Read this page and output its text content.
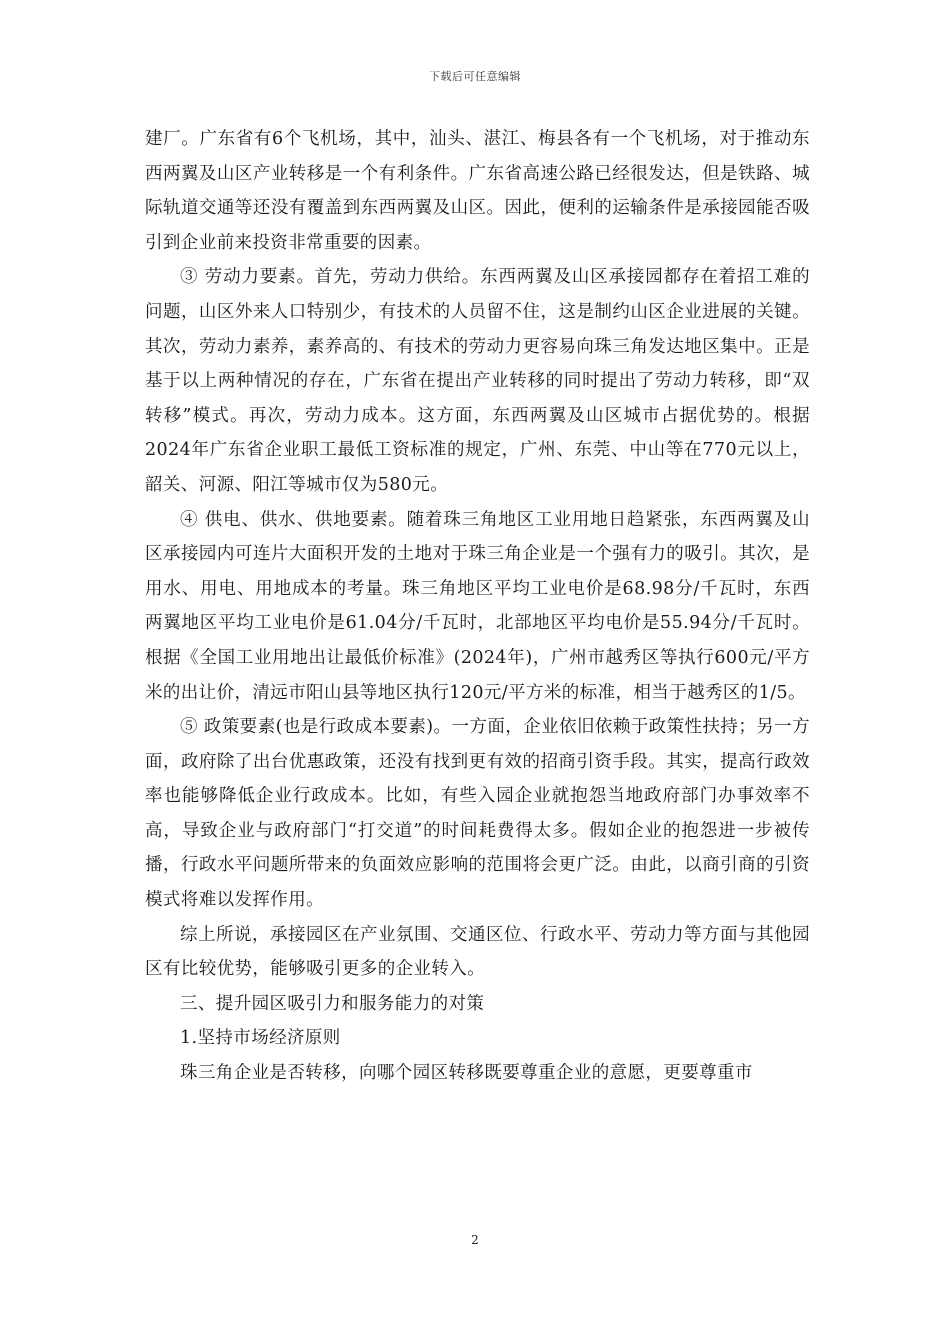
下载后可任意编辑

建厂。广东省有6个飞机场，其中，汕头、湛江、梅县各有一个飞机场，对于推动东西两翼及山区产业转移是一个有利条件。广东省高速公路已经很发达，但是铁路、城际轨道交通等还没有覆盖到东西两翼及山区。因此，便利的运输条件是承接园能否吸引到企业前来投资非常重要的因素。

③ 劳动力要素。首先，劳动力供给。东西两翼及山区承接园都存在着招工难的问题，山区外来人口特别少，有技术的人员留不住，这是制约山区企业进展的关键。其次，劳动力素养，素养高的、有技术的劳动力更容易向珠三角发达地区集中。正是基于以上两种情况的存在，广东省在提出产业转移的同时提出了劳动力转移，即“双转移”模式。再次，劳动力成本。这方面，东西两翼及山区城市占据优势的。根据2024年广东省企业职工最低工资标准的规定，广州、东莞、中山等在770元以上，韶关、河源、阳江等城市仅为580元。

④ 供电、供水、供地要素。随着珠三角地区工业用地日趋紧张，东西两翼及山区承接园内可连片大面积开发的土地对于珠三角企业是一个强有力的吸引。其次，是用水、用电、用地成本的考量。珠三角地区平均工业电价是68.98分/千瓦时，东西两翼地区平均工业电价是61.04分/千瓦时，北部地区平均电价是55.94分/千瓦时。根据《全国工业用地出让最低价标准》(2024年)，广州市越秀区等执行600元/平方米的出让价，清远市阳山县等地区执行120元/平方米的标准，相当于越秀区的1/5。

⑤ 政策要素(也是行政成本要素)。一方面，企业依旧依赖于政策性扶持；另一方面，政府除了出台优惠政策，还没有找到更有效的招商引资手段。其实，提高行政效率也能够降低企业行政成本。比如，有些入园企业就抱怨当地政府部门办事效率不高，导致企业与政府部门“打交道”的时间耗费得太多。假如企业的抱怨进一步被传播，行政水平问题所带来的负面效应影响的范围将会更广泛。由此，以商引商的引资模式将难以发挥作用。

综上所说，承接园区在产业氛围、交通区位、行政水平、劳动力等方面与其他园区有比较优势，能够吸引更多的企业转入。

三、提升园区吸引力和服务能力的对策

1.坚持市场经济原则

珠三角企业是否转移，向哪个园区转移既要尊重企业的意愿，更要尊重市

2
